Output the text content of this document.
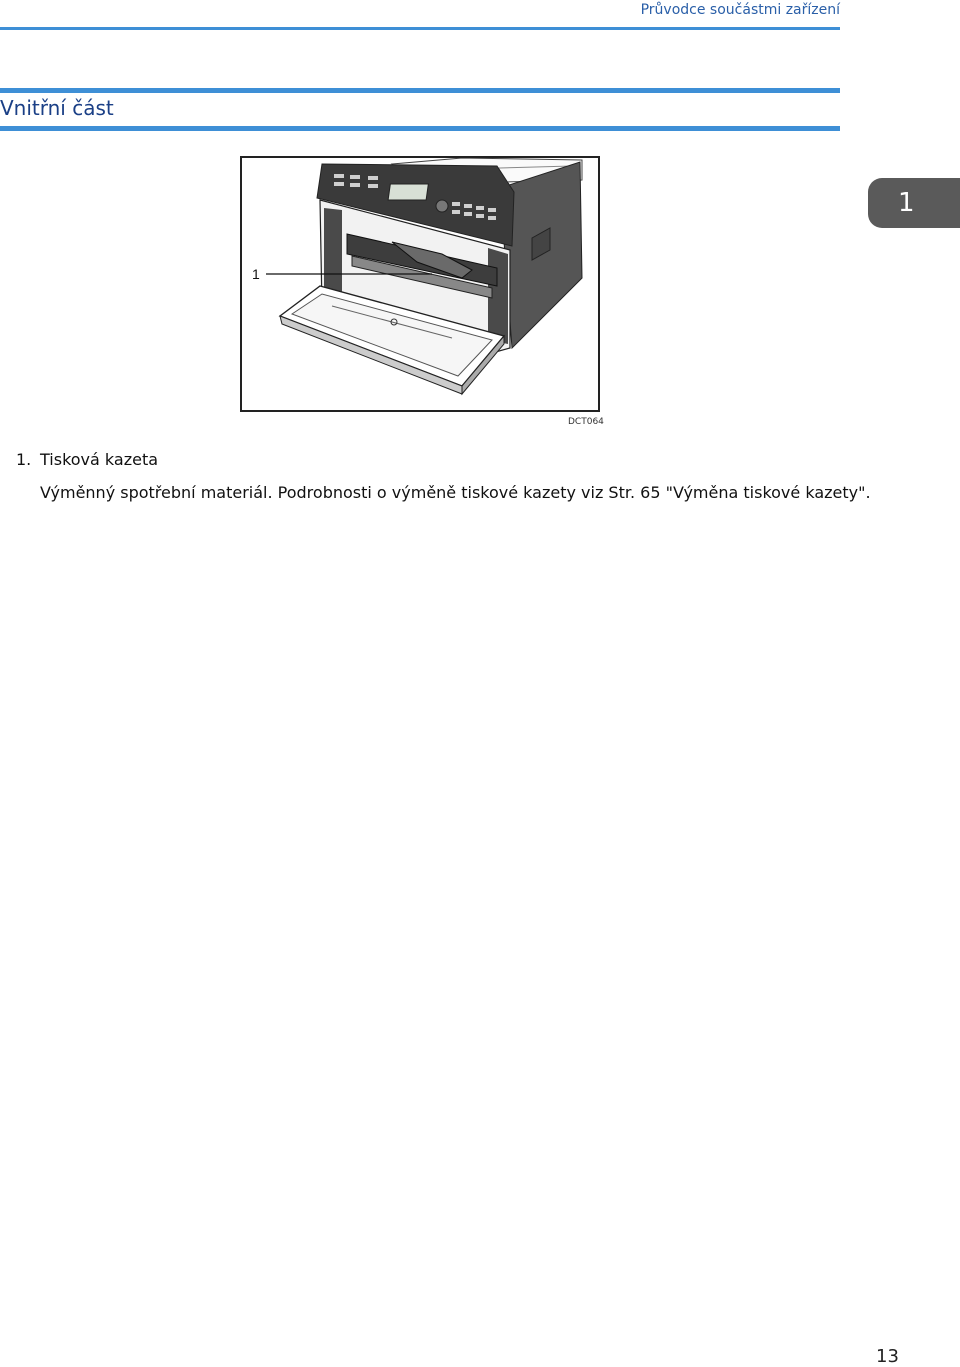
Průvodce součástmi zařízení
Vnitřní část
1
1
DCT064
1. Tisková kazeta
Výměnný spotřební materiál. Podrobnosti o výměně tiskové kazety viz Str. 65 "Výměna tiskové kazety".
13
